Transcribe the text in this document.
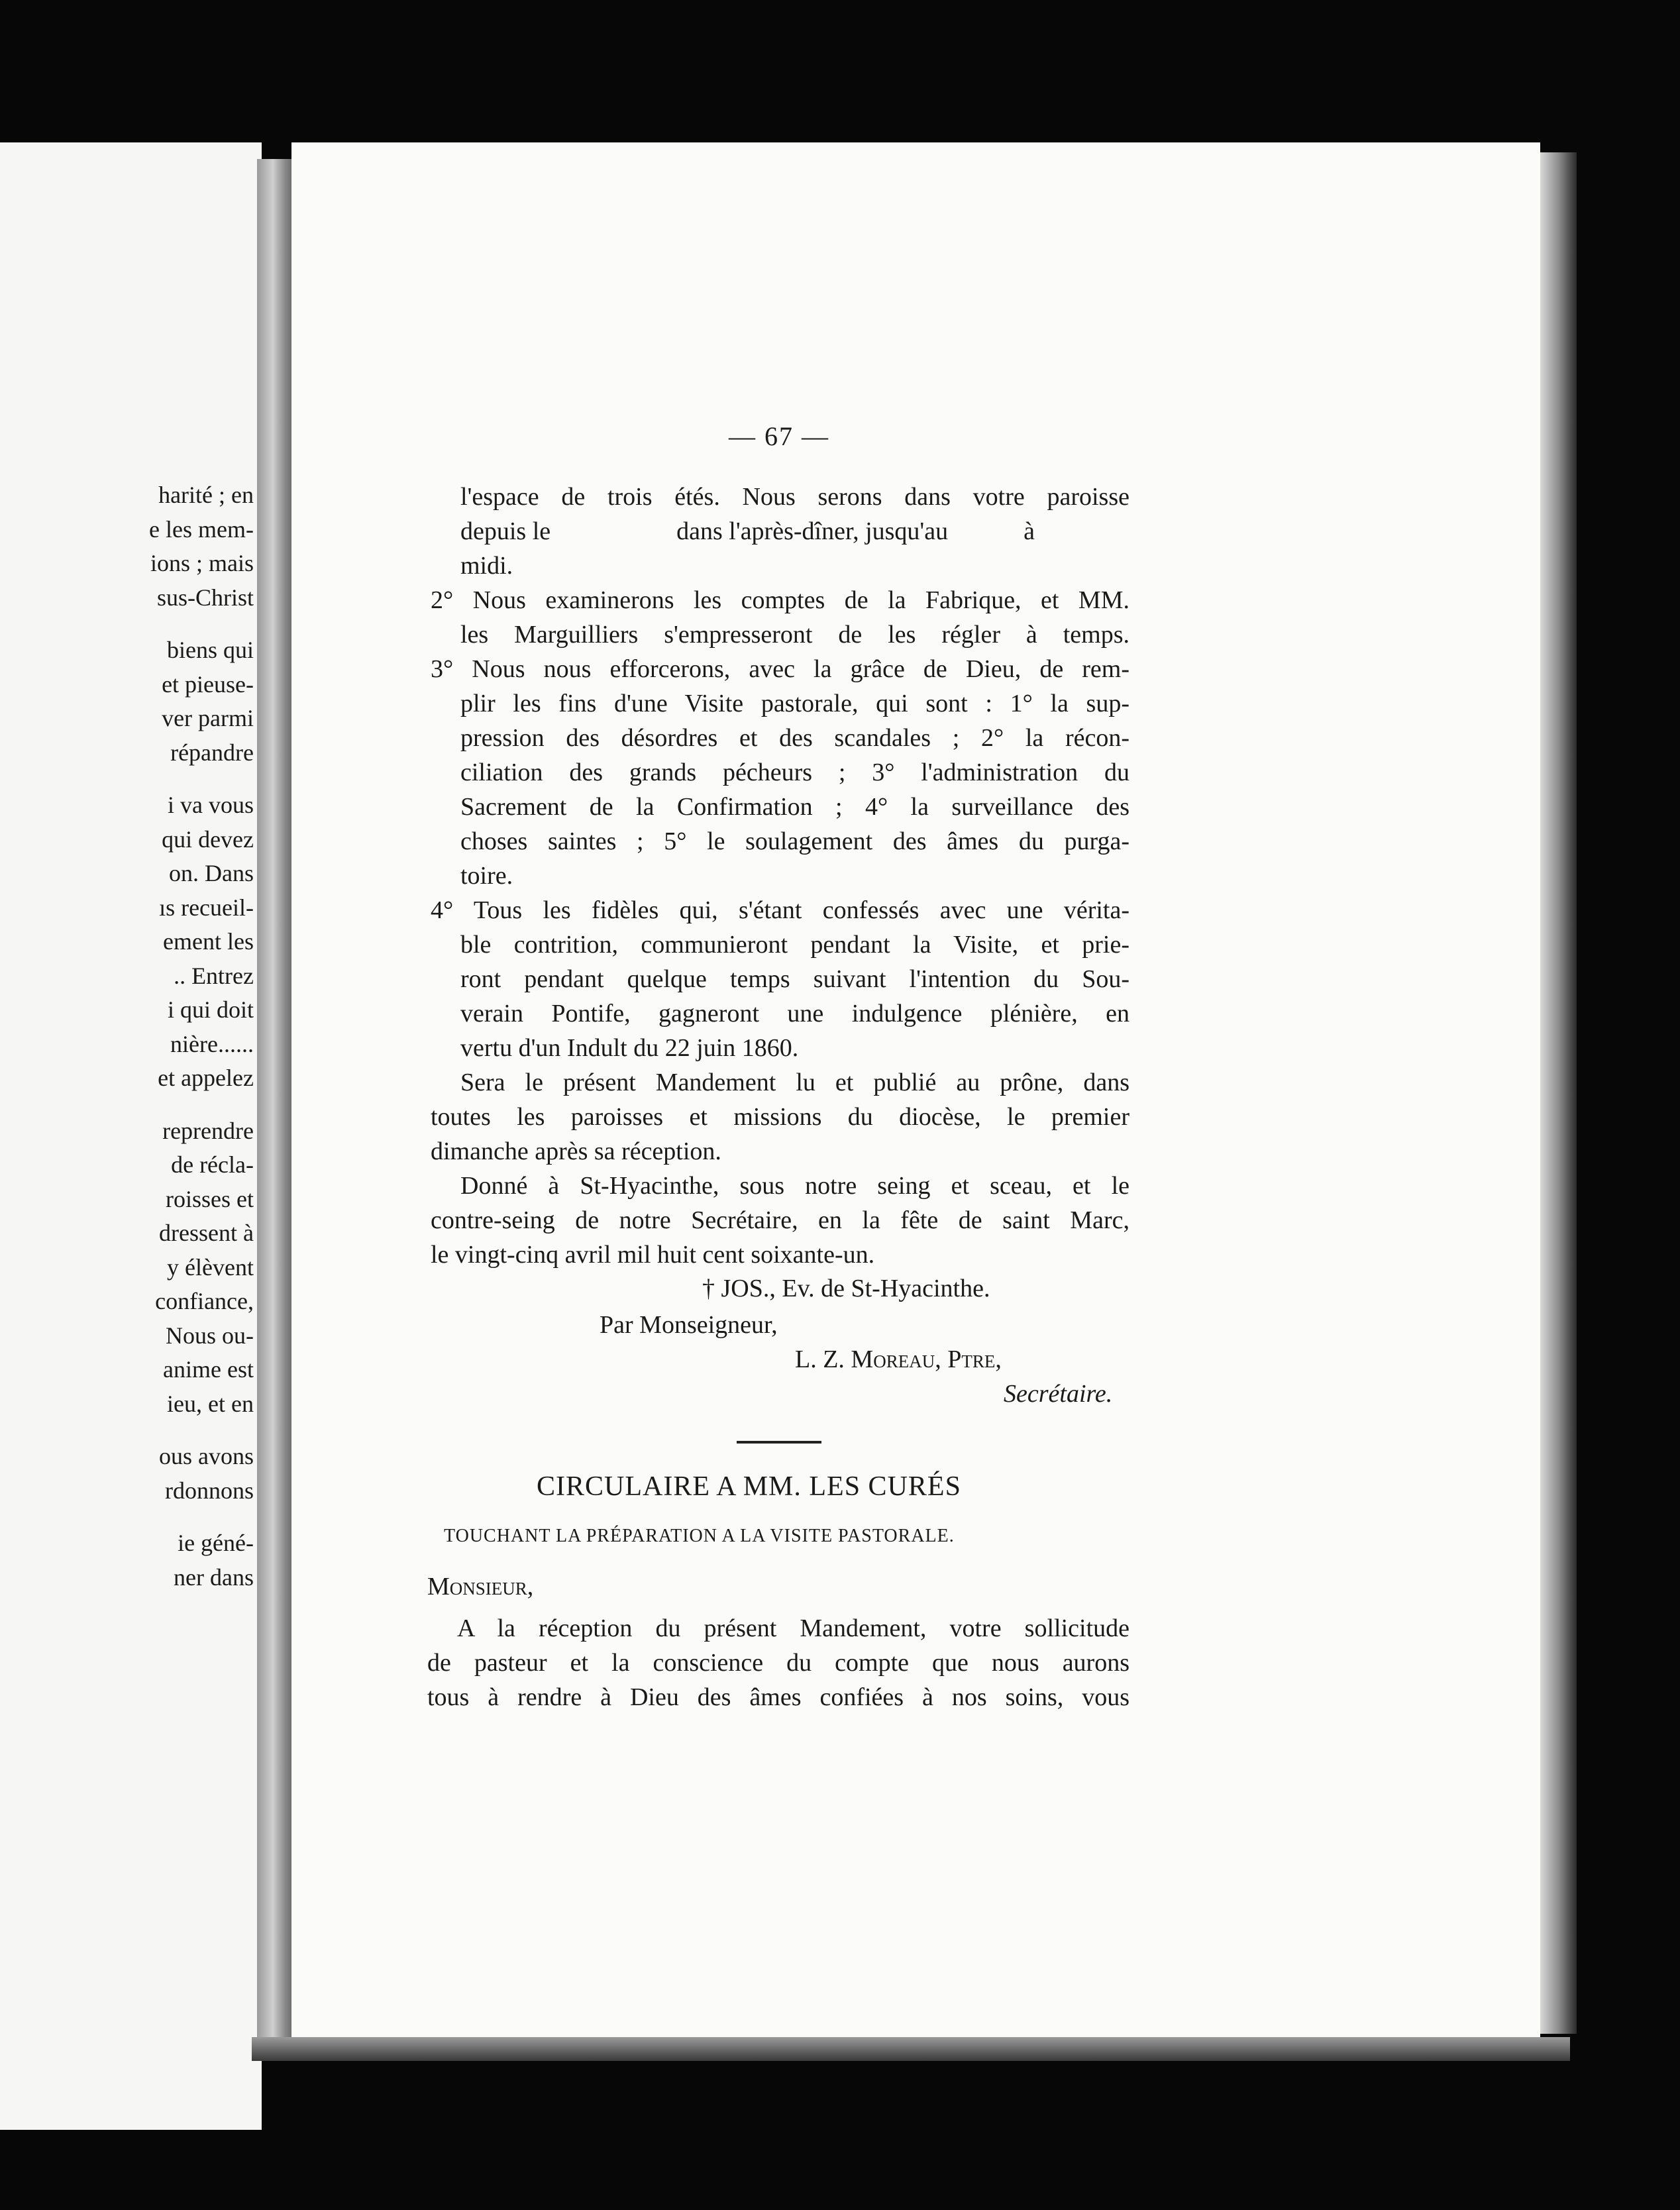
harité ; en
e les mem-
ions ; mais
sus-Christ
biens qui
et pieuse-
ver parmi
répandre
i va vous
qui devez
on. Dans
ıs recueil-
ement les
.. Entrez
i qui doit
nière......
et appelez
reprendre
de récla-
roisses et
dressent à
y élèvent
confiance,
Nous ou-
anime est
ieu, et en
ous avons
rdonnons
ie géné-
ner dans
— 67 —
l'espace de trois étés. Nous serons dans votre paroisse
depuis le                    dans l'après-dîner, jusqu'au            à
midi.
2° Nous examinerons les comptes de la Fabrique, et MM.
les Marguilliers s'empresseront de les régler à temps.
3° Nous nous efforcerons, avec la grâce de Dieu, de rem-
plir les fins d'une Visite pastorale, qui sont : 1° la sup-
pression des désordres et des scandales ; 2° la récon-
ciliation des grands pécheurs ; 3° l'administration du
Sacrement de la Confirmation ; 4° la surveillance des
choses saintes ; 5° le soulagement des âmes du purga-
toire.
4° Tous les fidèles qui, s'étant confessés avec une vérita-
ble contrition, communieront pendant la Visite, et prie-
ront pendant quelque temps suivant l'intention du Sou-
verain Pontife, gagneront une indulgence plénière, en
vertu d'un Indult du 22 juin 1860.
Sera le présent Mandement lu et publié au prône, dans
toutes les paroisses et missions du diocèse, le premier
dimanche après sa réception.
Donné à St-Hyacinthe, sous notre seing et sceau, et le
contre-seing de notre Secrétaire, en la fête de saint Marc,
le vingt-cinq avril mil huit cent soixante-un.
† JOS., Ev. de St-Hyacinthe.
Par Monseigneur,
L. Z. Moreau, Ptre,
Secrétaire.
CIRCULAIRE A MM. LES CURÉS
TOUCHANT LA PRÉPARATION A LA VISITE PASTORALE.
Monsieur,
A la réception du présent Mandement, votre sollicitude
de pasteur et la conscience du compte que nous aurons
tous à rendre à Dieu des âmes confiées à nos soins, vous
